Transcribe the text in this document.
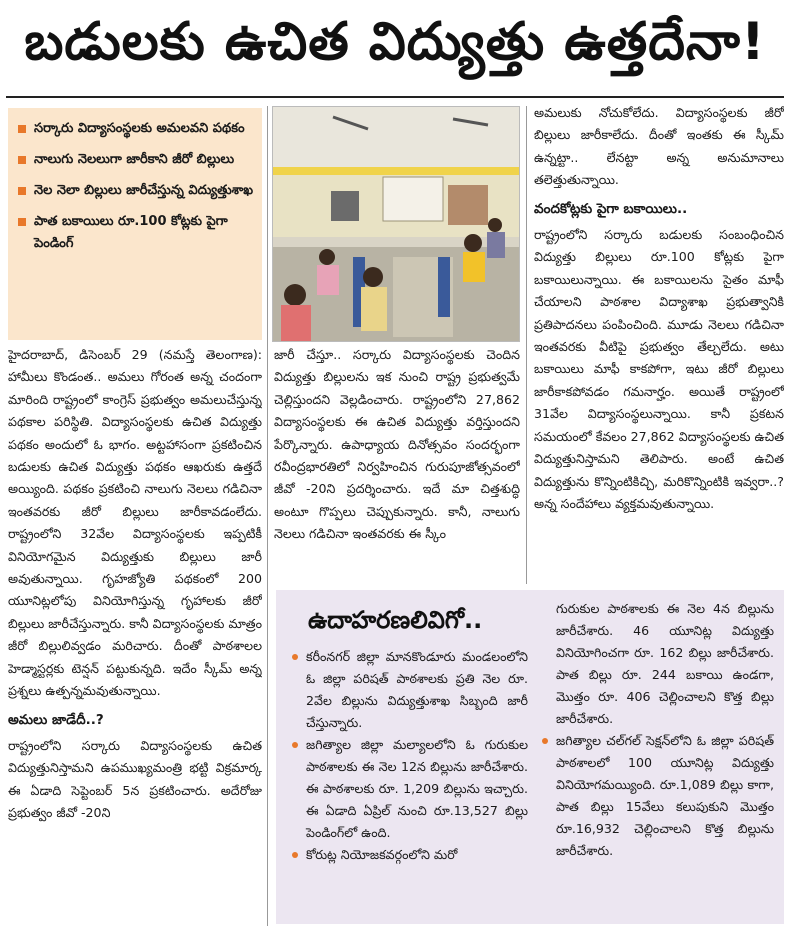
బడులకు ఉచిత విద్యుత్తు ఉత్తదేనా!
సర్కారు విద్యాసంస్థలకు అమలవని పథకం
నాలుగు నెలలుగా జారీకాని జీరో బిల్లులు
నెల నెలా బిల్లులు జారీచేస్తున్న విద్యుత్తుశాఖ
పాత బకాయిలు రూ.100 కోట్లకు పైగా పెండింగ్

హైదరాబాద్, డిసెంబర్ 29 (నమస్తే తెలంగాణ): హామీలు కొండంత.. అమలు గోరంత అన్న చందంగా మారింది రాష్ట్రంలో కాంగ్రెస్ ప్రభుత్వం అమలుచేస్తున్న పథకాల పరిస్థితి. విద్యాసంస్థలకు ఉచిత విద్యుత్తు పథకం అందులో ఓ భాగం. అట్టహాసంగా ప్రకటించిన బడులకు ఉచిత విద్యుత్తు పథకం ఆఖరుకు ఉత్తదే అయ్యింది. పథకం ప్రకటించి నాలుగు నెలలు గడిచినా ఇంతవరకు జీరో బిల్లులు జారీకావడంలేదు. రాష్ట్రంలోని 32వేల విద్యాసంస్థలకు ఇప్పటికీ వినియోగమైన విద్యుత్తుకు బిల్లులు జారీ అవుతున్నాయి. గృహజ్యోతి పథకంలో 200 యూనిట్లలోపు వినియోగిస్తున్న గృహాలకు జీరో బిల్లులు జారీచేస్తున్నారు. కానీ విద్యాసంస్థలకు మాత్రం జీరో బిల్లులివ్వడం మరిచారు. దీంతో పాఠశాలల హెడ్మాస్టర్లకు టెన్షన్ పట్టుకున్నది. ఇదేం స్కీమ్ అన్న ప్రశ్నలు ఉత్పన్నమవుతున్నాయి.

అమలు జాడేదీ..?

రాష్ట్రంలోని సర్కారు విద్యాసంస్థలకు ఉచిత విద్యుత్తునిస్తామని ఉపముఖ్యమంత్రి భట్టి విక్రమార్క ఈ ఏడాది సెప్టెంబర్ 5న ప్రకటించారు. అదేరోజు ప్రభుత్వం జీవో -20ని

జారీ చేస్తూ.. సర్కారు విద్యాసంస్థలకు చెందిన విద్యుత్తు బిల్లులను ఇక నుంచి రాష్ట్ర ప్రభుత్వమే చెల్లిస్తుందని వెల్లడించారు. రాష్ట్రంలోని 27,862 విద్యాసంస్థలకు ఈ ఉచిత విద్యుత్తు వర్తిస్తుందని పేర్కొన్నారు. ఉపాధ్యాయ దినోత్సవం సందర్భంగా రవీంద్రభారతిలో నిర్వహించిన గురుపూజోత్సవంలో జీవో -20ని ప్రదర్శించారు. ఇదే మా చిత్తశుద్ధి అంటూ గొప్పలు చెప్పుకున్నారు. కానీ, నాలుగు నెలలు గడిచినా ఇంతవరకు ఈ స్కీం

అమలుకు నోచుకోలేదు. విద్యాసంస్థలకు జీరో బిల్లులు జారీకాలేదు. దీంతో ఇంతకు ఈ స్కీమ్ ఉన్నట్టా.. లేనట్టా అన్న అనుమానాలు తలెత్తుతున్నాయి.

వందకోట్లకు పైగా బకాయిలు..

రాష్ట్రంలోని సర్కారు బడులకు సంబంధించిన విద్యుత్తు బిల్లులు రూ.100 కోట్లకు పైగా బకాయిలున్నాయి. ఈ బకాయిలను సైతం మాఫీ చేయాలని పాఠశాల విద్యాశాఖ ప్రభుత్వానికి ప్రతిపాదనలు పంపించింది. మూడు నెలలు గడిచినా ఇంతవరకు వీటిపై ప్రభుత్వం తేల్చలేదు. అటు బకాయిలు మాఫీ కాకపోగా, ఇటు జీరో బిల్లులు జారీకాకపోవడం గమనార్హం. అయితే రాష్ట్రంలో 31వేల విద్యాసంస్థలున్నాయి. కానీ ప్రకటన సమయంలో కేవలం 27,862 విద్యాసంస్థలకు ఉచిత విద్యుత్తునిస్తామని తెలిపారు. అంటే ఉచిత విద్యుత్తును కొన్నింటికిచ్చి, మరికొన్నింటికి ఇవ్వరా..? అన్న సందేహాలు వ్యక్తమవుతున్నాయి.

ఉదాహరణలివిగో..
కరీంనగర్ జిల్లా మానకొండూరు మండలంలోని ఓ జిల్లా పరిషత్ పాఠశాలకు ప్రతి నెల రూ. 2వేల బిల్లును విద్యుత్తుశాఖ సిబ్బంది జారీ చేస్తున్నారు.
జగిత్యాల జిల్లా మల్యాలలోని ఓ గురుకుల పాఠశాలకు ఈ నెల 12న బిల్లును జారీచేశారు. ఈ పాఠశాలకు రూ. 1,209 బిల్లును ఇచ్చారు. ఈ ఏడాది ఏప్రిల్ నుంచి రూ.13,527 బిల్లు పెండింగ్‌లో ఉంది.
కోరుట్ల నియోజకవర్గంలోని మరో
గురుకుల పాఠశాలకు ఈ నెల 4న బిల్లును జారీచేశారు. 46 యూనిట్ల విద్యుత్తు వినియోగించగా రూ. 162 బిల్లు జారీచేశారు. పాత బిల్లు రూ. 244 బకాయి ఉండగా, మొత్తం రూ. 406 చెల్లించాలని కొత్త బిల్లు జారీచేశారు.
జగిత్యాల చల్‌గల్ సెక్షన్‌లోని ఓ జిల్లా పరిషత్ పాఠశాలలో 100 యూనిట్ల విద్యుత్తు వినియోగమయ్యింది. రూ.1,089 బిల్లు కాగా, పాత బిల్లు 15వేలు కలుపుకుని మొత్తం రూ.16,932 చెల్లించాలని కొత్త బిల్లును జారీచేశారు.
